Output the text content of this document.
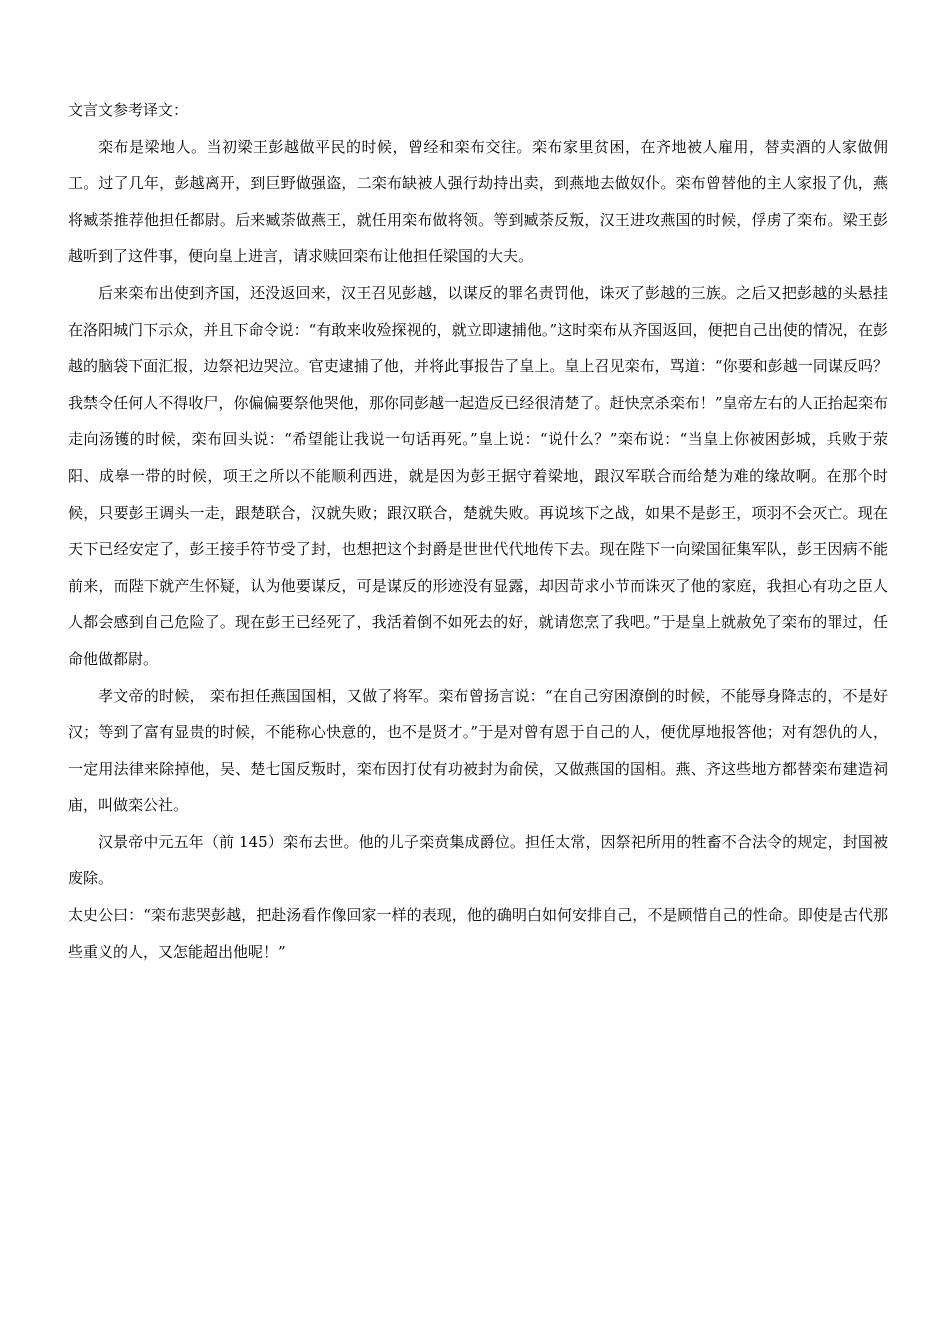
文言文参考译文：

栾布是梁地人。当初梁王彭越做平民的时候，曾经和栾布交往。栾布家里贫困，在齐地被人雇用，替卖酒的人家做佣工。过了几年，彭越离开，到巨野做强盗，二栾布缺被人强行劫持出卖，到燕地去做奴仆。栾布曾替他的主人家报了仇，燕将臧荼推荐他担任都尉。后来臧荼做燕王，就任用栾布做将领。等到臧荼反叛，汉王进攻燕国的时候，俘虏了栾布。梁王彭越听到了这件事，便向皇上进言，请求赎回栾布让他担任梁国的大夫。

后来栾布出使到齐国，还没返回来，汉王召见彭越，以谋反的罪名责罚他，诛灭了彭越的三族。之后又把彭越的头悬挂在洛阳城门下示众，并且下命令说：“有敢来收殓探视的，就立即逮捕他。”这时栾布从齐国返回，便把自己出使的情况，在彭越的脑袋下面汇报，边祭祀边哭泣。官吏逮捕了他，并将此事报告了皇上。皇上召见栾布，骂道：“你要和彭越一同谋反吗？我禁令任何人不得收尸，你偏偏要祭他哭他，那你同彭越一起造反已经很清楚了。赶快烹杀栾布！”皇帝左右的人正抬起栾布走向汤镬的时候，栾布回头说：“希望能让我说一句话再死。”皇上说：“说什么？”栾布说：“当皇上你被困彭城，兵败于荥阳、成皋一带的时候，项王之所以不能顺利西进，就是因为彭王据守着梁地，跟汉军联合而给楚为难的缘故啊。在那个时候，只要彭王调头一走，跟楚联合，汉就失败；跟汉联合，楚就失败。再说垓下之战，如果不是彭王，项羽不会灭亡。现在天下已经安定了，彭王接手符节受了封，也想把这个封爵是世世代代地传下去。现在陛下一向梁国征集军队，彭王因病不能前来，而陛下就产生怀疑，认为他要谋反，可是谋反的形迹没有显露，却因苛求小节而诛灭了他的家庭，我担心有功之臣人人都会感到自己危险了。现在彭王已经死了，我活着倒不如死去的好，就请您烹了我吧。”于是皇上就赦免了栾布的罪过，任命他做都尉。

孝文帝的时候， 栾布担任燕国国相，又做了将军。栾布曾扬言说：“在自己穷困潦倒的时候，不能辱身降志的，不是好汉；等到了富有显贵的时候，不能称心快意的，也不是贤才。”于是对曾有恩于自己的人，便优厚地报答他；对有怨仇的人，一定用法律来除掉他，吴、楚七国反叛时，栾布因打仗有功被封为俞侯，又做燕国的国相。燕、齐这些地方都替栾布建造祠庙，叫做栾公社。

汉景帝中元五年（前 145）栾布去世。他的儿子栾贲集成爵位。担任太常，因祭祀所用的牲畜不合法令的规定，封国被废除。

太史公曰：“栾布悲哭彭越，把赴汤看作像回家一样的表现，他的确明白如何安排自己，不是顾惜自己的性命。即使是古代那些重义的人，又怎能超出他呢！”
